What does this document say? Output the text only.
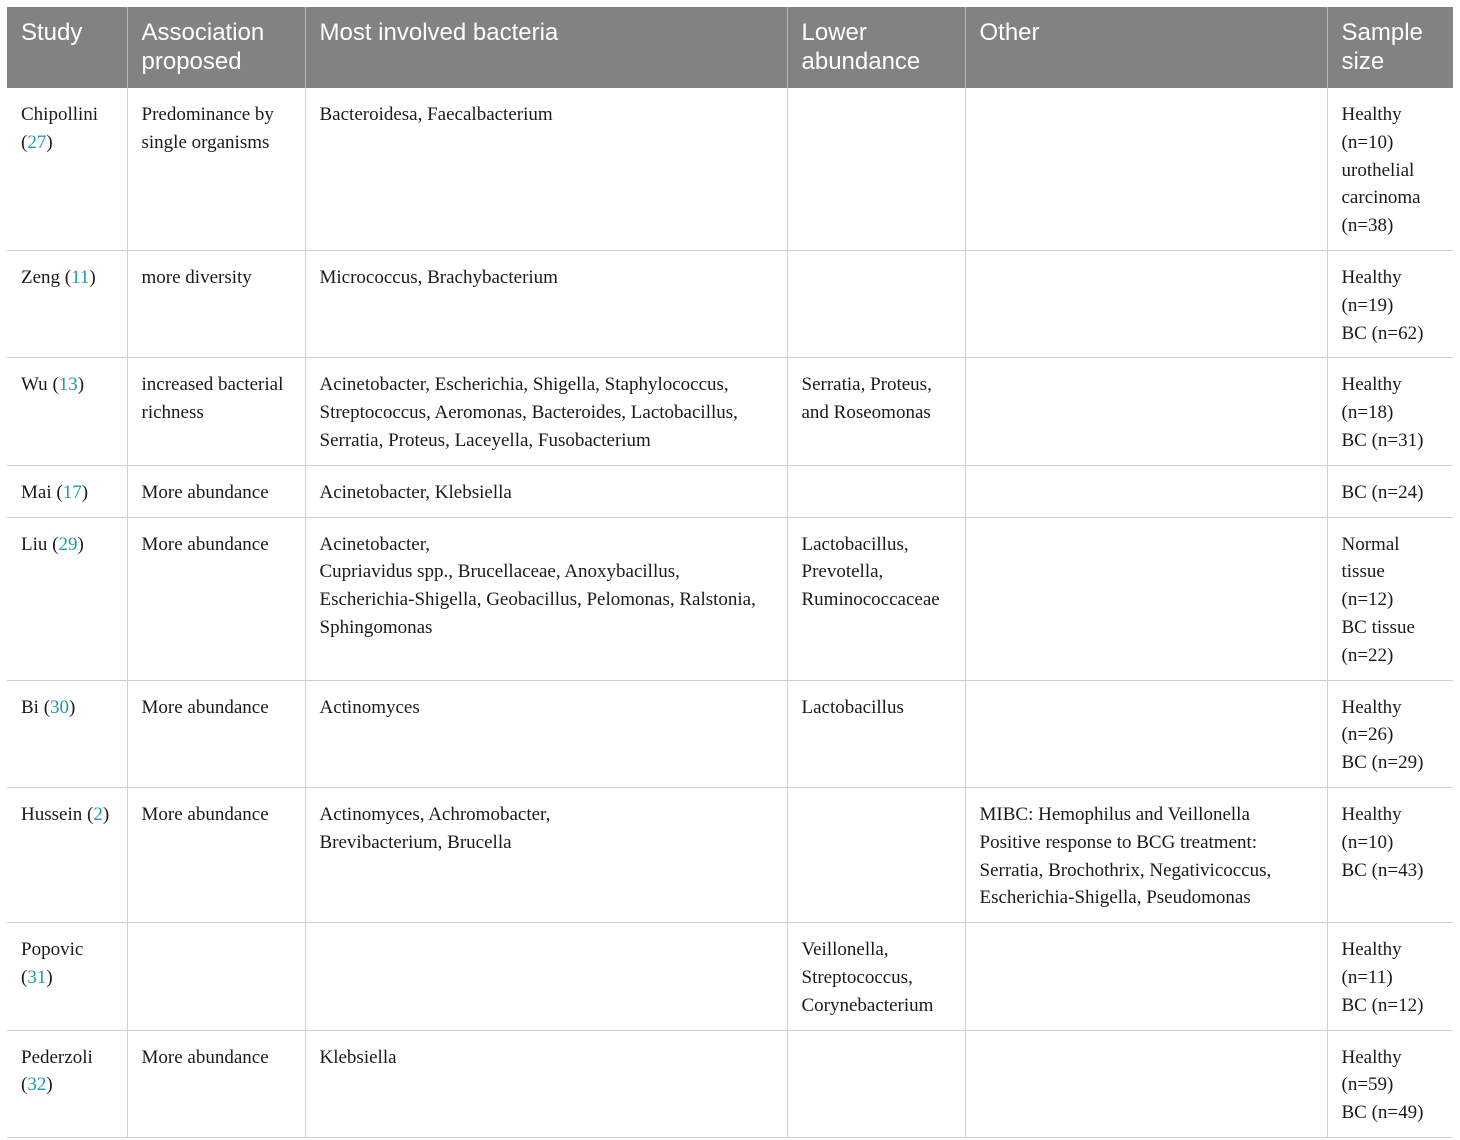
Study	Association proposed	Most involved bacteria	Lower abundance	Other	Sample size
Chipollini (27)	Predominance by single organisms	Bacteroidesa, Faecalbacterium			Healthy (n=10)
urothelial carcinoma (n=38)

Zeng (11)	more diversity	Micrococcus, Brachybacterium			Healthy (n=19)
BC (n=62)

Wu (13)	increased bacterial richness	Acinetobacter, Escherichia, Shigella, Staphylococcus, Streptococcus, Aeromonas, Bacteroides, Lactobacillus, Serratia, Proteus, Laceyella, Fusobacterium	Serratia, Proteus, and Roseomonas		Healthy (n=18)
BC (n=31)

Mai (17)	More abundance	Acinetobacter, Klebsiella			BC (n=24)

Liu (29)	More abundance	Acinetobacter,
Cupriavidus spp., Brucellaceae, Anoxybacillus, Escherichia-Shigella, Geobacillus, Pelomonas, Ralstonia, Sphingomonas	Lactobacillus, Prevotella, Ruminococcaceae		Normal tissue (n=12)
BC tissue (n=22)

Bi (30)	More abundance	Actinomyces	Lactobacillus		Healthy (n=26)
BC (n=29)

Hussein (2)	More abundance	Actinomyces, Achromobacter,
Brevibacterium, Brucella		MIBC: Hemophilus and Veillonella
Positive response to BCG treatment: Serratia, Brochothrix, Negativicoccus, Escherichia-Shigella, Pseudomonas	Healthy (n=10)
BC (n=43)

Popovic (31)			Veillonella, Streptococcus, Corynebacterium		Healthy (n=11)
BC (n=12)

Pederzoli (32)	More abundance	Klebsiella			Healthy (n=59)
BC (n=49)
